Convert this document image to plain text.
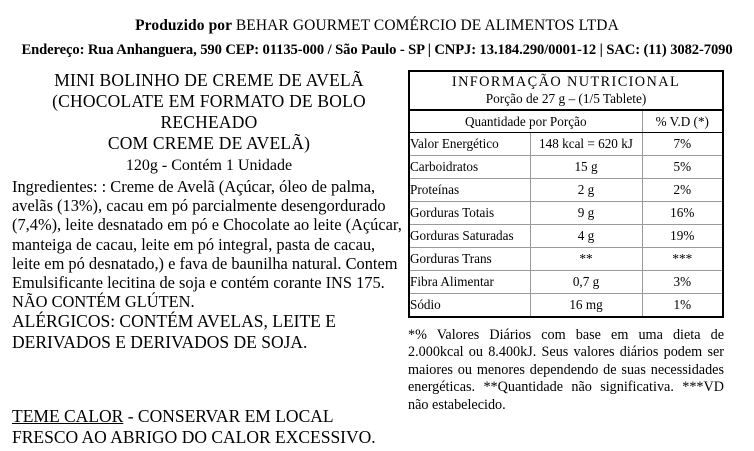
Produzido por BEHAR GOURMET COMÉRCIO DE ALIMENTOS LTDA
Endereço: Rua Anhanguera, 590 CEP: 01135-000 / São Paulo - SP | CNPJ: 13.184.290/0001-12 | SAC: (11) 3082-7090
MINI BOLINHO DE CREME DE AVELÃ
(CHOCOLATE EM FORMATO DE BOLO RECHEADO
COM CREME DE AVELÃ)
120g - Contém 1 Unidade
Ingredientes: : Creme de Avelã (Açúcar, óleo de palma, avelãs (13%), cacau em pó parcialmente desengordurado (7,4%), leite desnatado em pó e Chocolate ao leite (Açúcar, manteiga de cacau, leite em pó integral, pasta de cacau, leite em pó desnatado,) e fava de baunilha natural. Contem Emulsificante lecitina de soja e contém corante INS 175. NÃO CONTÉM GLÚTEN.
ALÉRGICOS: CONTÉM AVELAS, LEITE E
DERIVADOS E DERIVADOS DE SOJA.
TEME CALOR - CONSERVAR EM LOCAL
FRESCO AO ABRIGO DO CALOR EXCESSIVO.
INFORMAÇÃO NUTRICIONAL
Porção de 27 g – (1/5 Tablete)		

Quantidade por Porção		% V.D (*)
Valor Energético	148 kcal = 620 kJ	7%
Carboidratos	15 g	5%
Proteínas	2 g	2%
Gorduras Totais	9 g	16%
Gorduras Saturadas	4 g	19%
Gorduras Trans	**	***
Fibra Alimentar	0,7 g	3%
Sódio	16 mg	1%
*% Valores Diários com base em uma dieta de 2.000kcal ou 8.400kJ. Seus valores diários podem ser maiores ou menores dependendo de suas necessidades energéticas. **Quantidade não significativa. ***VD não estabelecido.
